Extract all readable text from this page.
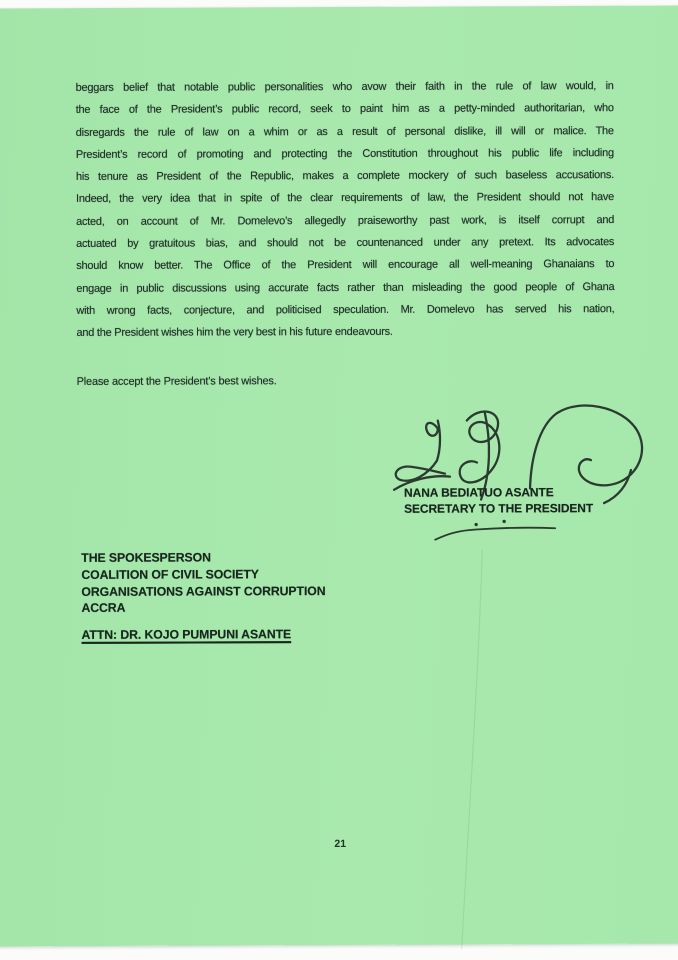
beggars belief that notable public personalities who avow their faith in the rule of law would, in
the face of the President’s public record, seek to paint him as a petty-minded authoritarian, who
disregards the rule of law on a whim or as a result of personal dislike, ill will or malice. The
President’s record of promoting and protecting the Constitution throughout his public life including
his tenure as President of the Republic, makes a complete mockery of such baseless accusations.
Indeed, the very idea that in spite of the clear requirements of law, the President should not have
acted, on account of Mr. Domelevo’s allegedly praiseworthy past work, is itself corrupt and
actuated by gratuitous bias, and should not be countenanced under any pretext. Its advocates
should know better. The Office of the President will encourage all well-meaning Ghanaians to
engage in public discussions using accurate facts rather than misleading the good people of Ghana
with wrong facts, conjecture, and politicised speculation. Mr. Domelevo has served his nation,
and the President wishes him the very best in his future endeavours.
Please accept the President’s best wishes.
NANA BEDIATUO ASANTE
SECRETARY TO THE PRESIDENT
THE SPOKESPERSON
COALITION OF CIVIL SOCIETY
ORGANISATIONS AGAINST CORRUPTION
ACCRA
ATTN: DR. KOJO PUMPUNI ASANTE
21
